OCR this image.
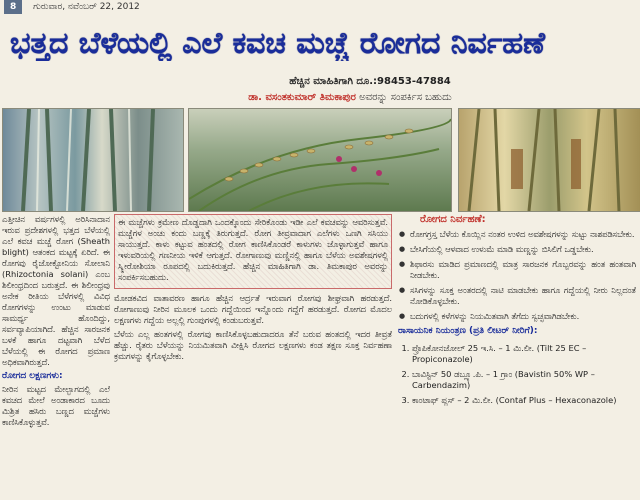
8 ಗುರುವಾರ, ನವೆಂಬರ್ 22, 2012
ಭತ್ತದ ಬೆಳೆಯಲ್ಲಿ ಎಲೆ ಕವಚ ಮಚ್ಚೆ ರೋಗದ ನಿರ್ವಹಣೆ
ಹೆಚ್ಚಿನ ಮಾಹಿತಿಗಾಗಿ ದೂ.:98453-47884
ಡಾ. ವಸಂತಕುಮಾರ್ ತಿಮಕಾಪುರ ಅವರನ್ನು ಸಂಪರ್ಕಿಸ ಬಹುದು

ಎತ್ತೀಚಿನ ವರ್ಷಗಳಲ್ಲಿ ಅರಿಸಿನಾದಾನ ಇರುವ ಪ್ರದೇಶಗಳಲ್ಲಿ ಭತ್ತದ ಬೆಳೆಯಲ್ಲಿ ಎಲೆ ಕವಚ ಮಚ್ಚೆ ರೋಗ (Sheath blight) ಆತಂಕದ ಮಟ್ಟಕ್ಕೆ ಏರಿದೆ. ಈ ರೋಗವು ರೈಜೋಕ್ಟೋನಿಯ ಸೋಲಾನಿ (Rhizoctonia solani) ಎಂಬ ಶಿಲೀಂಧ್ರದಿಂದ ಬರುತ್ತದೆ. ಈ ಶಿಲೀಂಧ್ರವು ಅನೇಕ ರೀತಿಯ ಬೆಳೆಗಳಲ್ಲಿ ವಿವಿಧ ರೋಗಗಳನ್ನು ಉಂಟು ಮಾಡುವ ಸಾಮರ್ಥ್ಯ ಹೊಂದಿದ್ದು, ಸರ್ವವ್ಯಾಪಿಯಾಗಿದೆ. ಹೆಚ್ಚಿನ ಸಾರಜನಕ ಬಳಕೆ ಹಾಗೂ ದಟ್ಟವಾಗಿ ಬೆಳೆದ ಬೆಳೆಯಲ್ಲಿ ಈ ರೋಗದ ಪ್ರಮಾಣ ಅಧಿಕವಾಗಿರುತ್ತದೆ.

ರೋಗದ ಲಕ್ಷಣಗಳು:

ನೀರಿನ ಮಟ್ಟದ ಮೇಲ್ಭಾಗದಲ್ಲಿ ಎಲೆ ಕವಚದ ಮೇಲೆ ಅಂಡಾಕಾರದ ಬೂದು ಮಿಶ್ರಿತ ಹಸಿರು ಬಣ್ಣದ ಮಚ್ಚೆಗಳು ಕಾಣಿಸಿಕೊಳ್ಳುತ್ತವೆ.

ಈ ಮಚ್ಚೆಗಳು ಕ್ರಮೇಣ ದೊಡ್ಡದಾಗಿ ಒಂದಕ್ಕೊಂದು ಸೇರಿಕೊಂಡು ಇಡೀ ಎಲೆ ಕವಚವನ್ನು ಆವರಿಸುತ್ತವೆ. ಮಚ್ಚೆಗಳ ಅಂಚು ಕಂದು ಬಣ್ಣಕ್ಕೆ ತಿರುಗುತ್ತದೆ. ರೋಗ ತೀವ್ರವಾದಾಗ ಎಲೆಗಳು ಒಣಗಿ ಸಸಿಯು ಸಾಯುತ್ತದೆ. ಕಾಳು ಕಟ್ಟುವ ಹಂತದಲ್ಲಿ ರೋಗ ಕಾಣಿಸಿಕೊಂಡರೆ ಕಾಳುಗಳು ಜೊಳ್ಳಾಗುತ್ತವೆ ಹಾಗೂ ಇಳುವರಿಯಲ್ಲಿ ಗಣನೀಯ ಇಳಿಕೆ ಆಗುತ್ತದೆ. ರೋಗಾಣುವು ಮಣ್ಣಿನಲ್ಲಿ ಹಾಗೂ ಬೆಳೆಯ ಅವಶೇಷಗಳಲ್ಲಿ ಸ್ಕ್ಲೀರೋಶಿಯಾ ರೂಪದಲ್ಲಿ ಬದುಕಿರುತ್ತದೆ. ಹೆಚ್ಚಿನ ಮಾಹಿತಿಗಾಗಿ ಡಾ. ತಿಮಕಾಪುರ ಅವರನ್ನು ಸಂಪರ್ಕಿಸಬಹುದು.

ಮೋಡಕವಿದ ವಾತಾವರಣ ಹಾಗೂ ಹೆಚ್ಚಿನ ಆರ್ದ್ರತೆ ಇರುವಾಗ ರೋಗವು ಶೀಘ್ರವಾಗಿ ಹರಡುತ್ತದೆ. ರೋಗಾಣುವು ನೀರಿನ ಮೂಲಕ ಒಂದು ಗದ್ದೆಯಿಂದ ಇನ್ನೊಂದು ಗದ್ದೆಗೆ ಹರಡುತ್ತದೆ. ರೋಗದ ಮೊದಲ ಲಕ್ಷಣಗಳು ಗದ್ದೆಯ ಅಲ್ಲಲ್ಲಿ ಗುಂಪುಗಳಲ್ಲಿ ಕಂಡುಬರುತ್ತವೆ.

ಬೆಳೆಯ ಎಲ್ಲ ಹಂತಗಳಲ್ಲಿ ರೋಗವು ಕಾಣಿಸಿಕೊಳ್ಳಬಹುದಾದರೂ ತೆನೆ ಬರುವ ಹಂತದಲ್ಲಿ ಇದರ ತೀವ್ರತೆ ಹೆಚ್ಚು. ರೈತರು ಬೆಳೆಯನ್ನು ನಿಯಮಿತವಾಗಿ ವೀಕ್ಷಿಸಿ ರೋಗದ ಲಕ್ಷಣಗಳು ಕಂಡ ತಕ್ಷಣ ಸೂಕ್ತ ನಿರ್ವಹಣಾ ಕ್ರಮಗಳನ್ನು ಕೈಗೊಳ್ಳಬೇಕು.

ರೋಗದ ನಿರ್ವಹಣೆ:
● ರೋಗಗ್ರಸ್ತ ಬೆಳೆಯ ಕೊಯ್ಲಿನ ನಂತರ ಉಳಿದ ಅವಶೇಷಗಳನ್ನು ಸುಟ್ಟು ನಾಶಪಡಿಸಬೇಕು.
● ಬೇಸಿಗೆಯಲ್ಲಿ ಆಳವಾದ ಉಳುಮೆ ಮಾಡಿ ಮಣ್ಣನ್ನು ಬಿಸಿಲಿಗೆ ಒಡ್ಡಬೇಕು.
● ಶಿಫಾರಸು ಮಾಡಿದ ಪ್ರಮಾಣದಲ್ಲಿ ಮಾತ್ರ ಸಾರಜನಕ ಗೊಬ್ಬರವನ್ನು ಹಂತ ಹಂತವಾಗಿ ನೀಡಬೇಕು.
● ಸಸಿಗಳನ್ನು ಸೂಕ್ತ ಅಂತರದಲ್ಲಿ ನಾಟಿ ಮಾಡಬೇಕು ಹಾಗೂ ಗದ್ದೆಯಲ್ಲಿ ನೀರು ನಿಲ್ಲದಂತೆ ನೋಡಿಕೊಳ್ಳಬೇಕು.
● ಬದುಗಳಲ್ಲಿ ಕಳೆಗಳನ್ನು ನಿಯಮಿತವಾಗಿ ತೆಗೆದು ಸ್ವಚ್ಛವಾಗಿಡಬೇಕು.
ರಾಸಾಯನಿಕ ನಿಯಂತ್ರಣ (ಪ್ರತಿ ಲೀಟರ್ ನೀರಿಗೆ):
1. ಪ್ರೊಪಿಕೋನಜೋಲ್ 25 ಇ.ಸಿ. – 1 ಮಿ.ಲೀ. (Tilt 25 EC – Propiconazole)
2. ಬಾವಿಸ್ಟಿನ್ 50 ಡಬ್ಲ್ಯೂ.ಪಿ. – 1 ಗ್ರಾಂ (Bavistin 50% WP – Carbendazim)
3. ಕಾಂಟಾಫ್ ಪ್ಲಸ್ – 2 ಮಿ.ಲೀ. (Contaf Plus – Hexaconazole)
